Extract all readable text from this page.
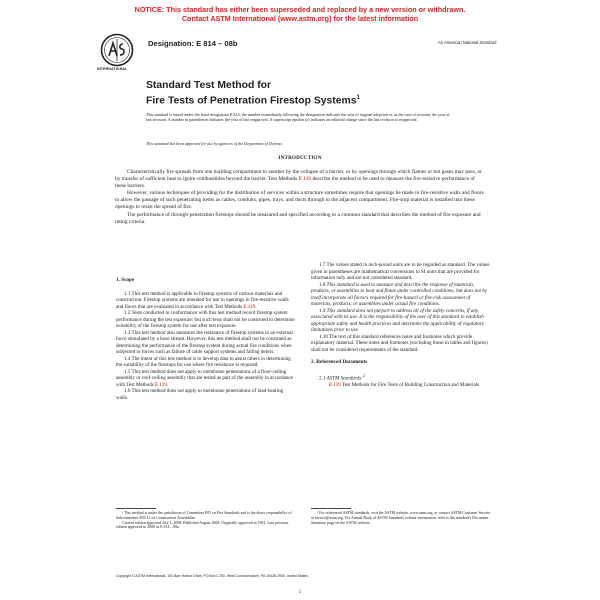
NOTICE: This standard has either been superseded and replaced by a new version or withdrawn.
Contact ASTM International (www.astm.org) for the latest information
INTERNATIONAL
Designation: E 814 – 08b	An American National Standard
Standard Test Method for
Fire Tests of Penetration Firestop Systems$^1$
This standard is issued under the fixed designation E 814; the number immediately following the designation indicates the year of original adoption or, in the case of revision, the year of last revision. A number in parentheses indicates the year of last reapproval. A superscript epsilon (ε) indicates an editorial change since the last revision or reapproval.
This standard has been approved for use by agencies of the Department of Defense.
INTRODUCTION

Characteristically fire spreads from one building compartment to another by the collapse of a barrier, or by openings through which flames or hot gases may pass, or by transfer of sufficient heat to ignite combustibles beyond the barrier. Test Methods E 119 describe the method to be used to measure the fire-resistive performance of these barriers.

However, various techniques of providing for the distribution of services within a structure sometimes require that openings be made in fire-resistive walls and floors to allow the passage of such penetrating items as cables, conduits, pipes, trays, and ducts through to the adjacent compartment. Fire-stop material is installed into these openings to resist the spread of fire.

The performance of through-penetration firestops should be measured and specified according to a common standard that describes the method of fire exposure and rating criteria.

1. Scope

1.1 This test method is applicable to firestop systems of various materials and construction. Firestop systems are intended for use in openings in fire-resistive walls and floors that are evaluated in accordance with Test Methods E 119.

1.2 Tests conducted in conformance with this test method record firestop system performance during the test exposure; but such tests shall not be construed to determine suitability of the firestop system for use after test exposure.

1.3 This test method also measures the resistance of firestop systems to an external force stimulated by a hose stream. However, this test method shall not be construed as determining the performance of the firestop system during actual fire conditions when subjected to forces such as failure of cable support systems and falling debris.

1.4 The intent of this test method is to develop data to assist others in determining the suitability of the firestops for use where fire resistance is required.

1.5 This test method does not apply to membrane penetrations of a floor-ceiling assembly or roof-ceiling assembly that are tested as part of the assembly in accordance with Test Methods E 119.

1.6 This test method does not apply to membrane penetrations of load-bearing walls.

1.7 The values stated in inch-pound units are to be regarded as standard. The values given in parentheses are mathematical conversions to SI units that are provided for information only and are not considered standard.

1.8 This standard is used to measure and describe the response of materials, products, or assemblies to heat and flame under controlled conditions, but does not by itself incorporate all factors required for fire-hazard or fire-risk assessment of materials, products, or assemblies under actual fire conditions.

1.9 This standard does not purport to address all of the safety concerns, if any, associated with its use. It is the responsibility of the user of this standard to establish appropriate safety and health practices and determine the applicability of regulatory limitations prior to use.

1.10 The text of this standard references notes and footnotes which provide explanatory material. These notes and footnotes (excluding those in tables and figures) shall not be considered requirements of the standard.

2. Referenced Documents

2.1 ASTM Standards:$^2$

E 119 Test Methods for Fire Tests of Building Construction and Materials

¹ This method is under the jurisdiction of Committee E05 on Fire Standards and is the direct responsibility of Subcommittee E05.11 on Construction Assemblies.

Current edition approved July 1, 2008. Published August 2008. Originally approved in 1981. Last previous edition approved in 2008 as E 814 – 08a.

² For referenced ASTM standards, visit the ASTM website, www.astm.org, or contact ASTM Customer Service at service@astm.org. For Annual Book of ASTM Standards volume information, refer to the standard's Document Summary page on the ASTM website.

Copyright © ASTM International, 100 Barr Harbor Drive, PO Box C700, West Conshohocken, PA 19428-2959, United States.
1
